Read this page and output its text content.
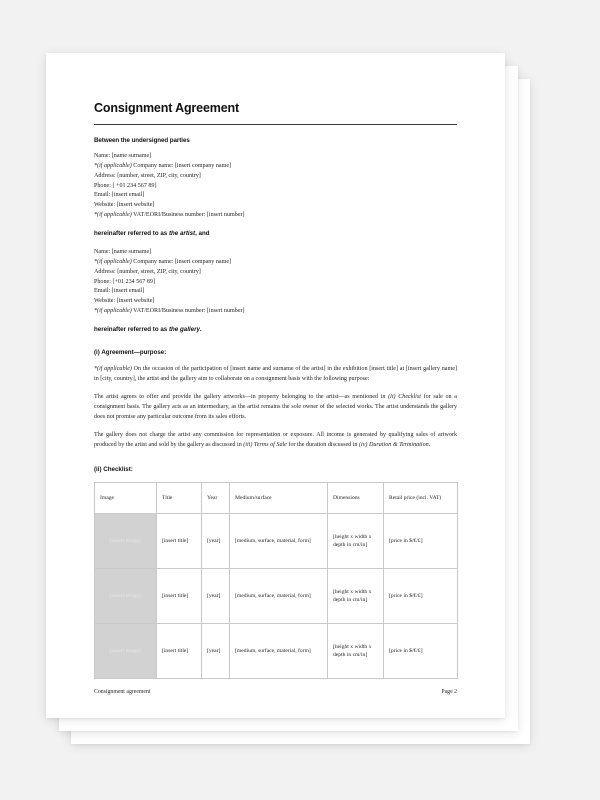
Consignment Agreement
Between the undersigned parties
Name: [name surname]
*(if applicable) Company name: [insert company name]
Address: [number, street, ZIP, city, country]
Phone: [ +01 234 567 89]
Email: [insert email]
Website: [insert website]
*(if applicable) VAT/EORI/Business number: [insert number]
hereinafter referred to as the artist, and
Name: [name surname]
*(if applicable) Company name: [insert company name]
Address: [number, street, ZIP, city, country]
Phone: [+01 234 567 89]
Email: [insert email]
Website: [insert website]
*(if applicable) VAT/EORI/Business number: [insert number]
hereinafter referred to as the gallery.
(i) Agreement—purpose:

*(if applicable) On the occasion of the participation of [insert name and surname of the artist] in the exhibition [insert title] at [insert gallery name] in [city, country], the artist and the gallery aim to collaborate on a consignment basis with the following purpose:

The artist agrees to offer and provide the gallery artworks—in property belonging to the artist—as mentioned in (ii) Checklist for sale on a consignment basis. The gallery acts as an intermediary, as the artist remains the sole owner of the selected works. The artist understands the gallery does not promise any particular outcome from its sales efforts.

The gallery does not charge the artist any commission for representation or exposure. All income is generated by qualifying sales of artwork produced by the artist and sold by the gallery as discussed in (iii) Terms of Sale for the duration discussed in (iv) Duration & Termination.

(ii) Checklist:
Image	Title	Year	Medium/surface	Dimensions	Retail price (incl. VAT)

[insert image]	[insert title]	[year]	[medium, surface, material, form]	[height x width x depth in cm/in]	[price in $/€/£]

[insert image]	[insert title]	[year]	[medium, surface, material, form]	[height x width x depth in cm/in]	[price in $/€/£]

[insert image]	[insert title]	[year]	[medium, surface, material, form]	[height x width x depth in cm/in]	[price in $/€/£]
Consignment agreement	Page 2
